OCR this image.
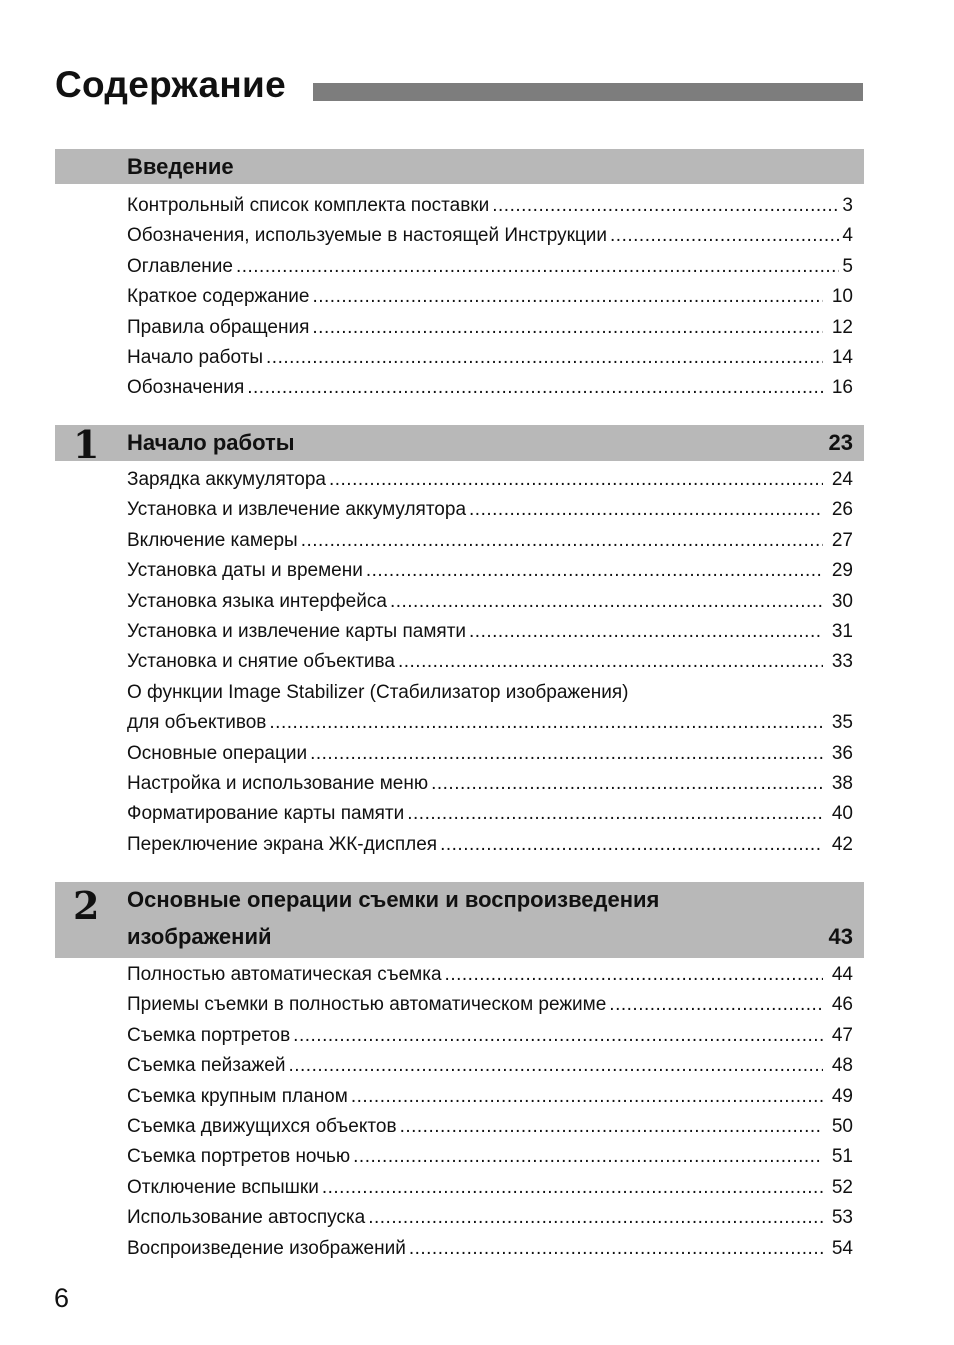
Содержание
Введение
Контрольный список комплекта поставки .....	3
Обозначения, используемые в настоящей Инструкции .....	4
Оглавление .....	5
Краткое содержание .....	10
Правила обращения .....	12
Начало работы .....	14
Обозначения .....	16
1 Начало работы	23
Зарядка аккумулятора .....	24
Установка и извлечение аккумулятора .....	26
Включение камеры .....	27
Установка даты и времени .....	29
Установка языка интерфейса .....	30
Установка и извлечение карты памяти .....	31
Установка и снятие объектива .....	33
О функции Image Stabilizer (Стабилизатор изображения)
для объективов .....	35
Основные операции .....	36
Настройка и использование меню .....	38
Форматирование карты памяти .....	40
Переключение экрана ЖК-дисплея .....	42
2 Основные операции съемки и воспроизведения
изображений	43
Полностью автоматическая съемка .....	44
Приемы съемки в полностью автоматическом режиме .....	46
Съемка портретов .....	47
Съемка пейзажей .....	48
Съемка крупным планом .....	49
Съемка движущихся объектов .....	50
Съемка портретов ночью .....	51
Отключение вспышки .....	52
Использование автоспуска .....	53
Воспроизведение изображений .....	54
6
